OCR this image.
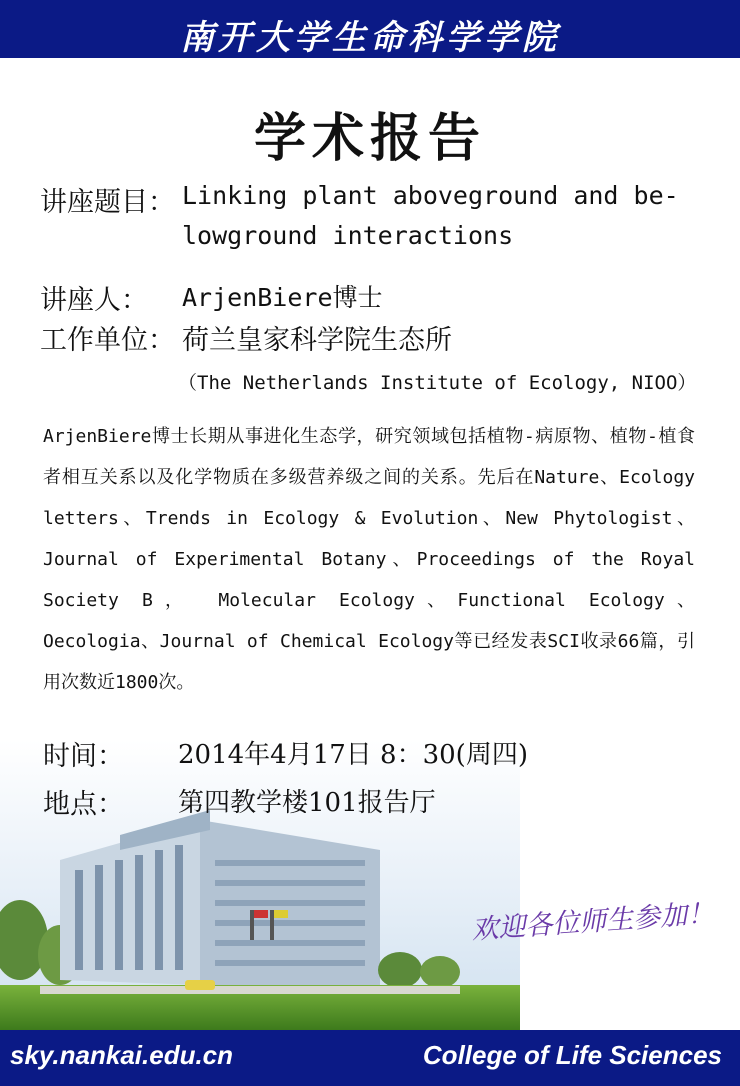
南开大学生命科学学院
学术报告
讲座题目： Linking plant aboveground and be-lowground interactions
讲座人： ArjenBiere博士
工作单位： 荷兰皇家科学院生态所
（The Netherlands Institute of Ecology, NIOO）
ArjenBiere博士长期从事进化生态学，研究领域包括植物-病原物、植物-植食者相互关系以及化学物质在多级营养级之间的关系。先后在Nature、Ecology letters、Trends in Ecology & Evolution、New Phytologist、Journal of Experimental Botany、Proceedings of the Royal Society B， Molecular Ecology、Functional Ecology、Oecologia、Journal of Chemical Ecology等已经发表SCI收录66篇，引用次数近1800次。
时间： 2014年4月17日 8：30(周四)
地点： 第四教学楼101报告厅
欢迎各位师生参加！
sky.nankai.edu.cn	College of Life Sciences
